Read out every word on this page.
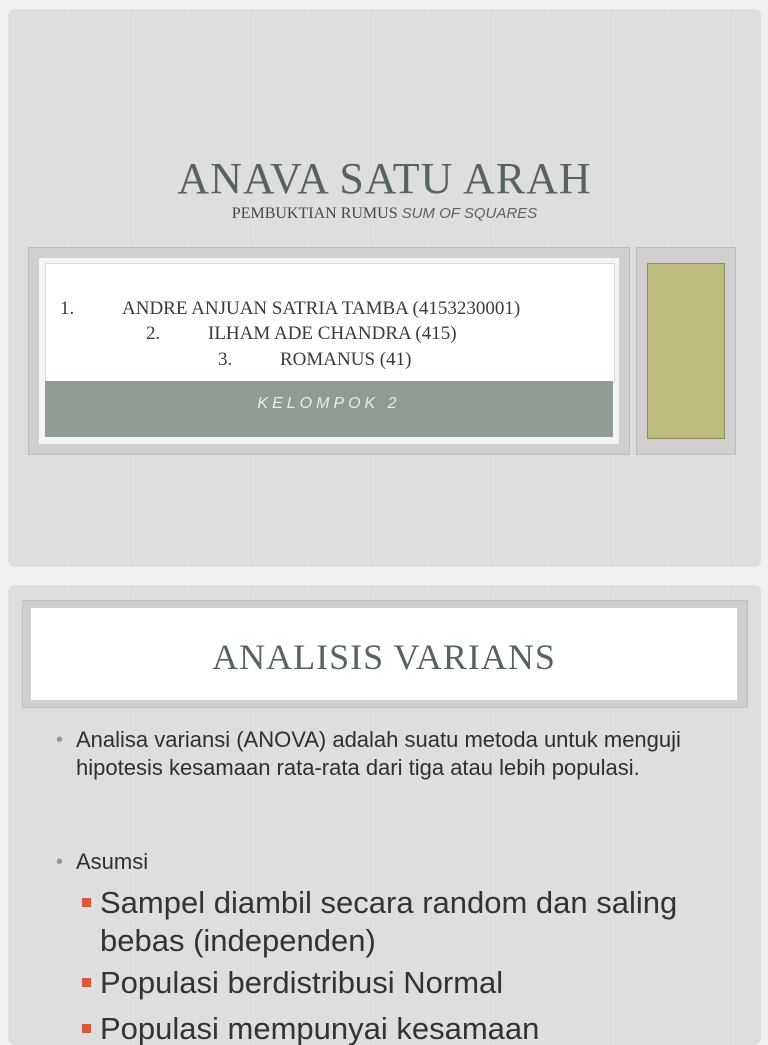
ANAVA SATU ARAH
PEMBUKTIAN RUMUS SUM OF SQUARES
1.	ANDRE ANJUAN SATRIA TAMBA (4153230001)
2.	ILHAM ADE CHANDRA (415)
3.	ROMANUS (41)
KELOMPOK 2
ANALISIS VARIANS
• Analisa variansi (ANOVA) adalah suatu metoda untuk menguji hipotesis kesamaan rata-rata dari tiga atau lebih populasi.
• Asumsi
Sampel diambil secara random dan saling bebas (independen)
Populasi berdistribusi Normal
Populasi mempunyai kesamaan
